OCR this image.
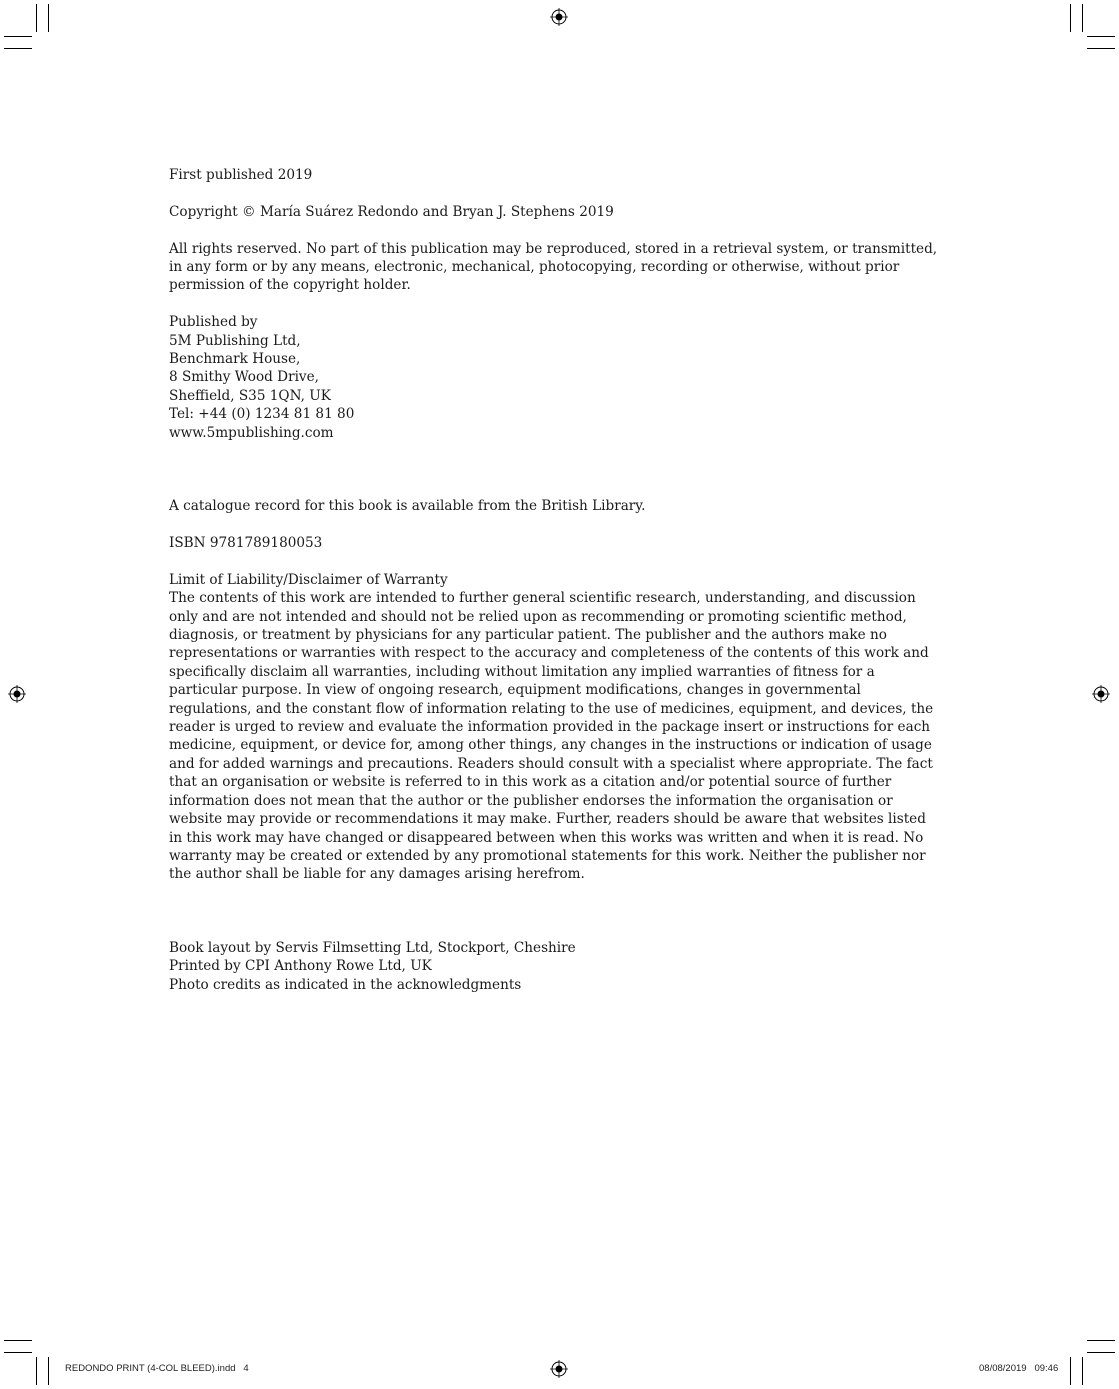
First published 2019

Copyright © María Suárez Redondo and Bryan J. Stephens 2019

All rights reserved. No part of this publication may be reproduced, stored in a retrieval system, or transmitted, in any form or by any means, electronic, mechanical, photocopying, recording or otherwise, without prior permission of the copyright holder.

Published by

5M Publishing Ltd,

Benchmark House,

8 Smithy Wood Drive,

Sheffield, S35 1QN, UK

Tel: +44 (0) 1234 81 81 80

www.5mpublishing.com

A catalogue record for this book is available from the British Library.

ISBN 9781789180053

Limit of Liability/Disclaimer of Warranty

The contents of this work are intended to further general scientific research, understanding, and discussion only and are not intended and should not be relied upon as recommending or promoting scientific method, diagnosis, or treatment by physicians for any particular patient. The publisher and the authors make no representations or warranties with respect to the accuracy and completeness of the contents of this work and specifically disclaim all warranties, including without limitation any implied warranties of fitness for a particular purpose. In view of ongoing research, equipment modifications, changes in governmental regulations, and the constant flow of information relating to the use of medicines, equipment, and devices, the reader is urged to review and evaluate the information provided in the package insert or instructions for each medicine, equipment, or device for, among other things, any changes in the instructions or indication of usage and for added warnings and precautions. Readers should consult with a specialist where appropriate. The fact that an organisation or website is referred to in this work as a citation and/or potential source of further information does not mean that the author or the publisher endorses the information the organisation or website may provide or recommendations it may make. Further, readers should be aware that websites listed in this work may have changed or disappeared between when this works was written and when it is read. No warranty may be created or extended by any promotional statements for this work. Neither the publisher nor the author shall be liable for any damages arising herefrom.

Book layout by Servis Filmsetting Ltd, Stockport, Cheshire

Printed by CPI Anthony Rowe Ltd, UK

Photo credits as indicated in the acknowledgments

REDONDO PRINT (4-COL BLEED).indd   4	08/08/2019   09:46
